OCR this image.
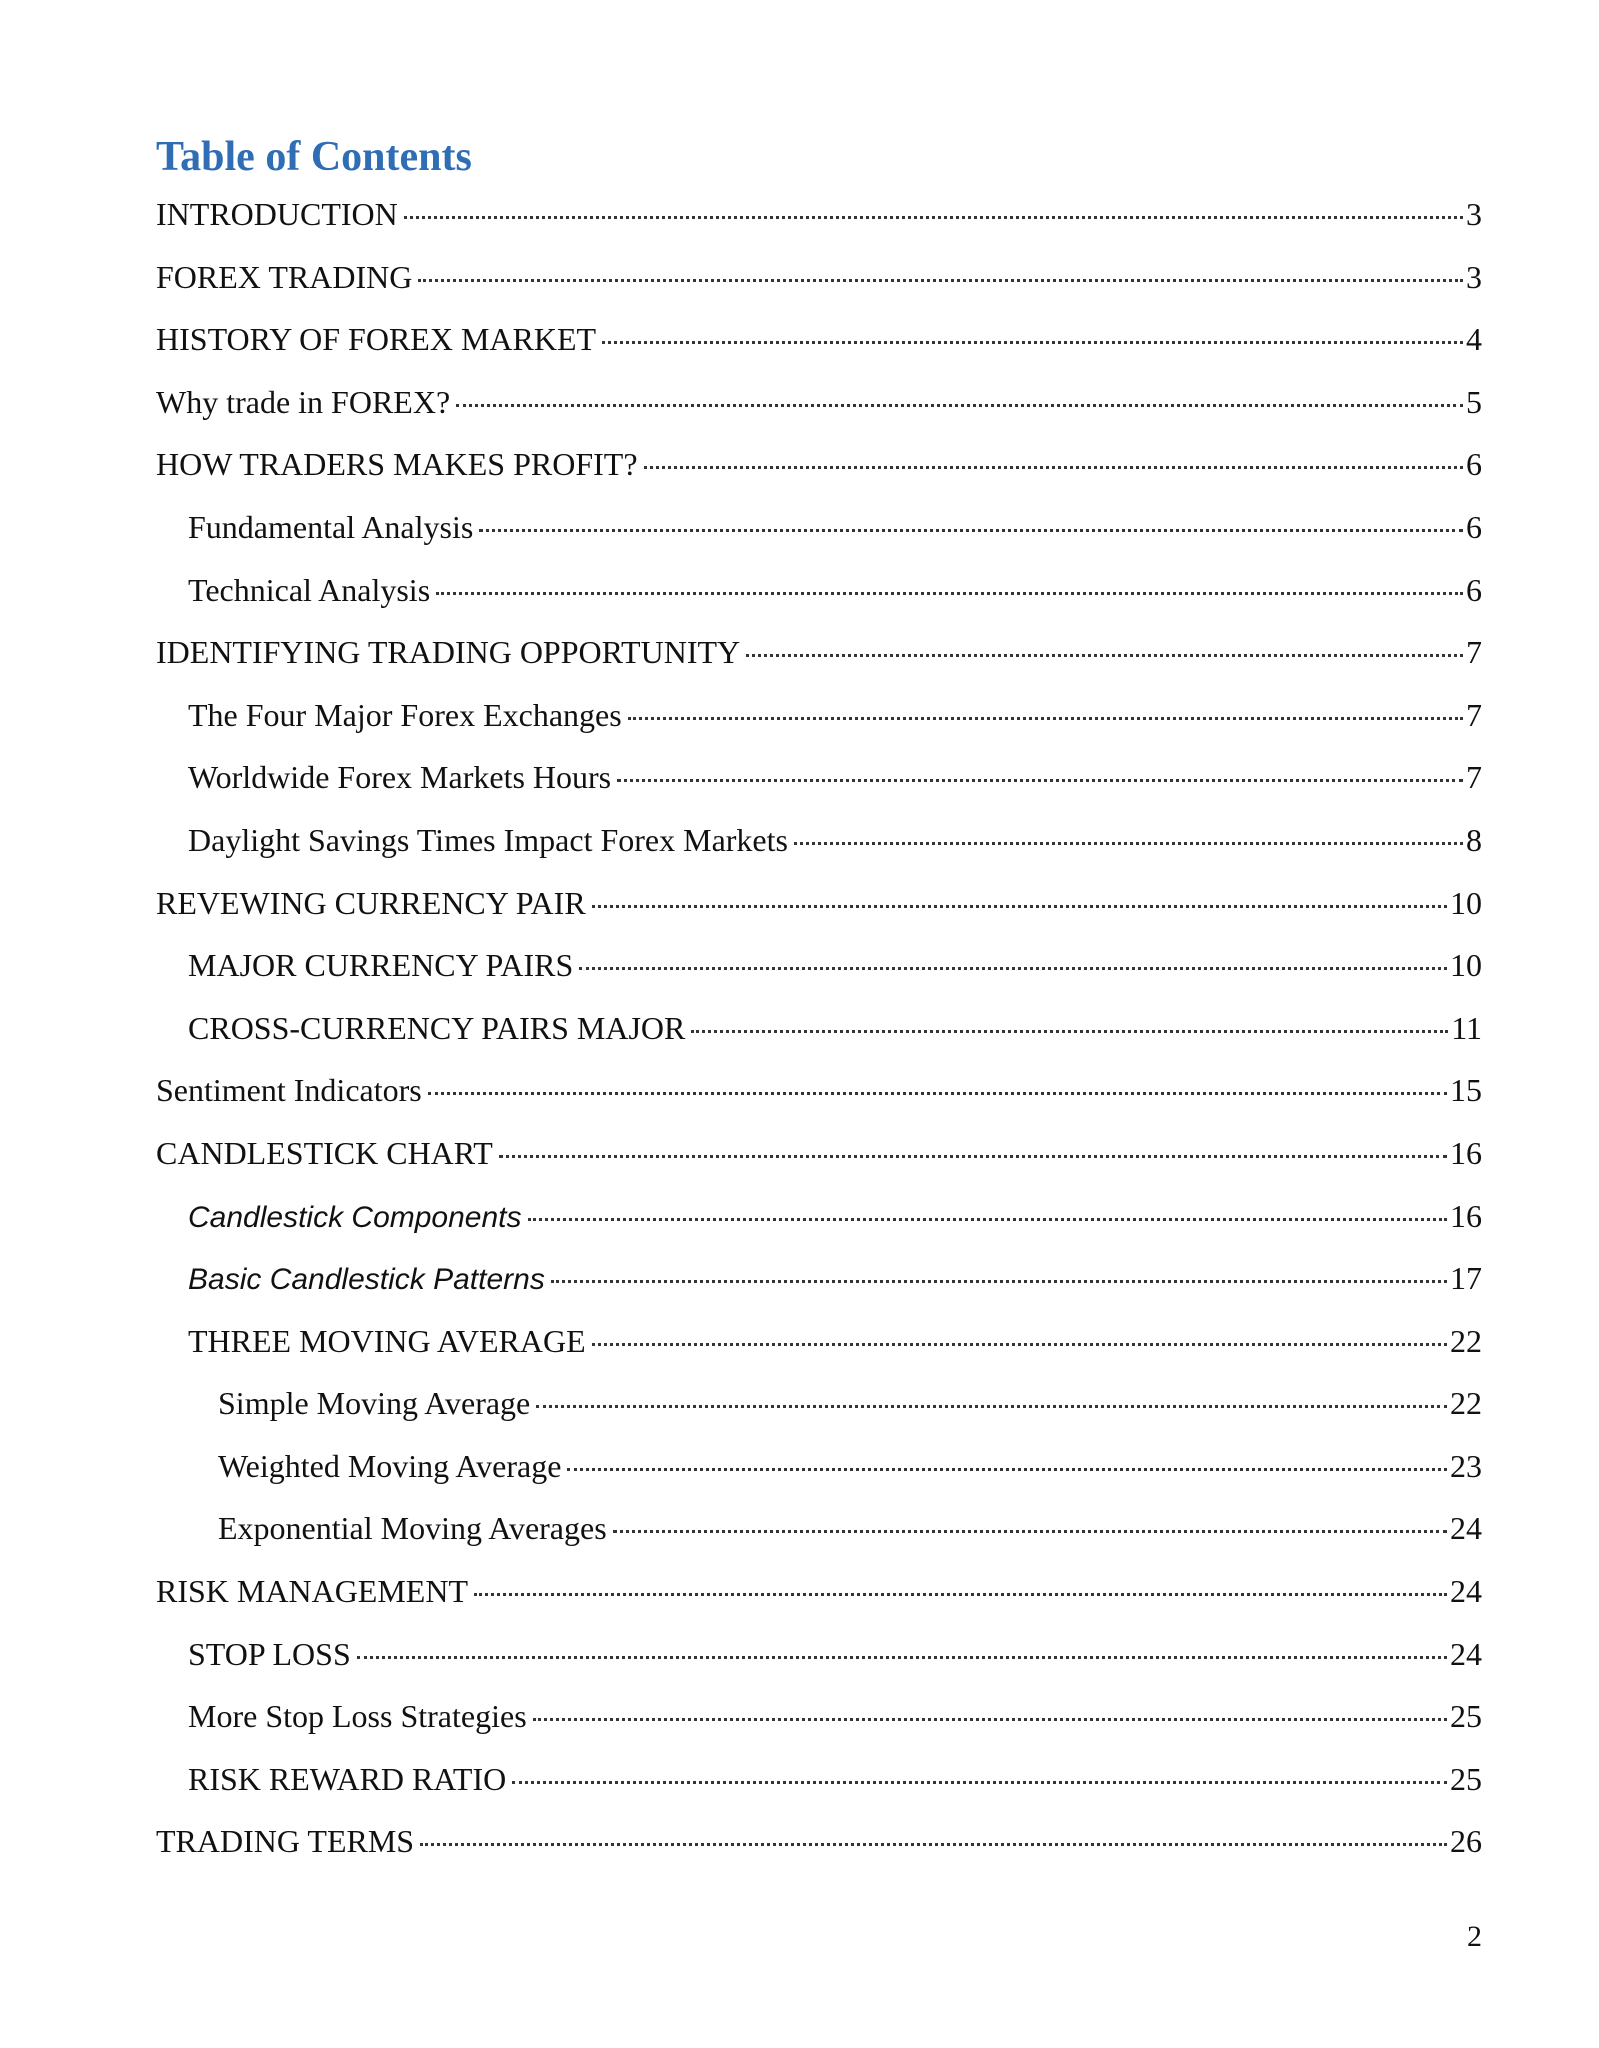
Table of Contents
INTRODUCTION	3
FOREX TRADING	3
HISTORY OF FOREX MARKET	4
Why trade in FOREX?	5
HOW TRADERS MAKES PROFIT?	6
Fundamental Analysis	6
Technical Analysis	6
IDENTIFYING TRADING OPPORTUNITY	7
The Four Major Forex Exchanges	7
Worldwide Forex Markets Hours	7
Daylight Savings Times Impact Forex Markets	8
REVEWING CURRENCY PAIR	10
MAJOR CURRENCY PAIRS	10
CROSS-CURRENCY PAIRS MAJOR	11
Sentiment Indicators	15
CANDLESTICK CHART	16
Candlestick Components	16
Basic Candlestick Patterns	17
THREE MOVING AVERAGE	22
Simple Moving Average	22
Weighted Moving Average	23
Exponential Moving Averages	24
RISK MANAGEMENT	24
STOP LOSS	24
More Stop Loss Strategies	25
RISK REWARD RATIO	25
TRADING TERMS	26
2
